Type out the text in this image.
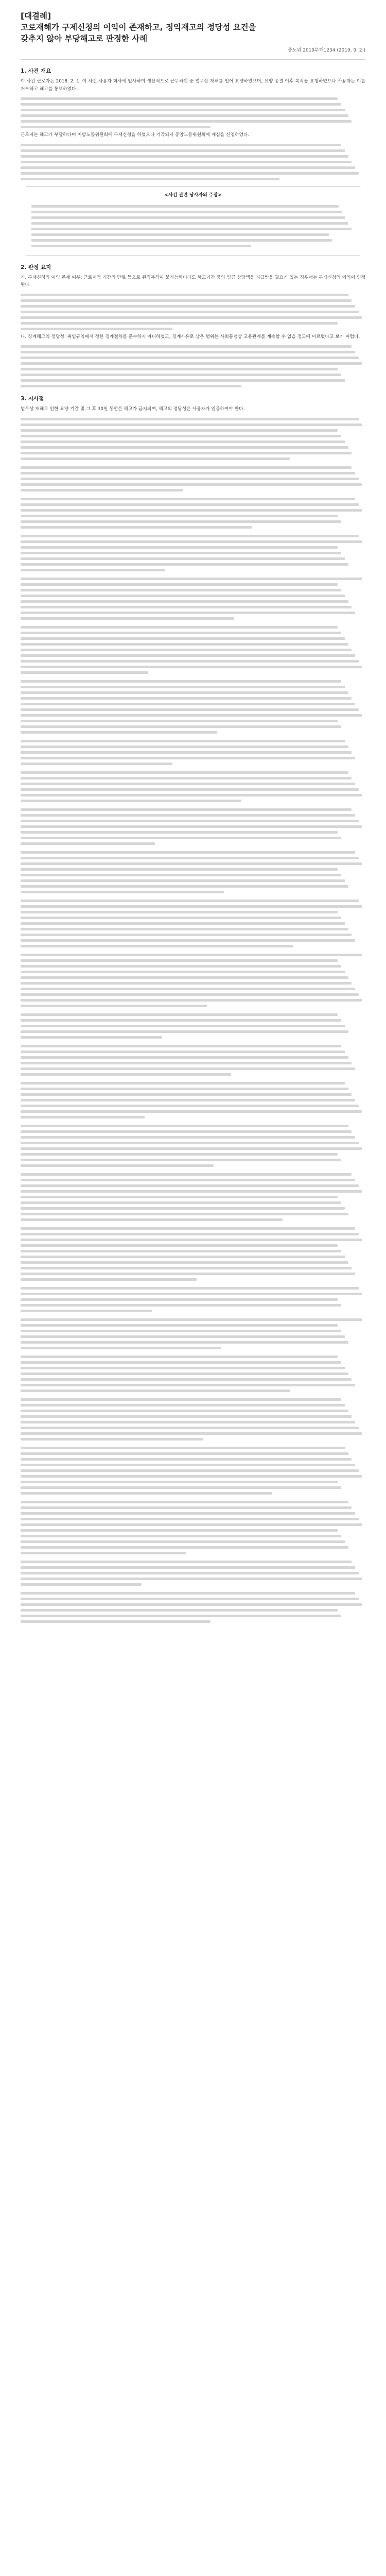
[대결례]
고로재해가 구제신청의 이익이 존재하고, 징익재고의 정당성 요건을
갖추지 않아 부당해고로 판정한 사례
중노위 2019부해1234 (2019. 9. 2.)
1. 사건 개요

이 사건 근로자는 2018. 2. 1. 이 사건 사용자 회사에 입사하여 생산직으로 근무하던 중 업무상 재해를 입어 요양하였으며, 요양 종결 이후 복직을 요청하였으나 사용자는 이를 거부하고 해고를 통보하였다.

근로자는 해고가 부당하다며 지방노동위원회에 구제신청을 하였으나 기각되자 중앙노동위원회에 재심을 신청하였다.

<사건 관련 당사자의 주장>
2. 판정 요지

가. 구제신청의 이익 존재 여부: 근로계약 기간의 만료 등으로 원직복직이 불가능하더라도 해고기간 중의 임금 상당액을 지급받을 필요가 있는 경우에는 구제신청의 이익이 인정된다.

나. 징계해고의 정당성: 취업규칙에서 정한 징계절차를 준수하지 아니하였고, 징계사유로 삼은 행위는 사회통념상 고용관계를 계속할 수 없을 정도에 이르렀다고 보기 어렵다.

3. 시사점

업무상 재해로 인한 요양 기간 및 그 후 30일 동안은 해고가 금지되며, 해고의 정당성은 사용자가 입증하여야 한다.
